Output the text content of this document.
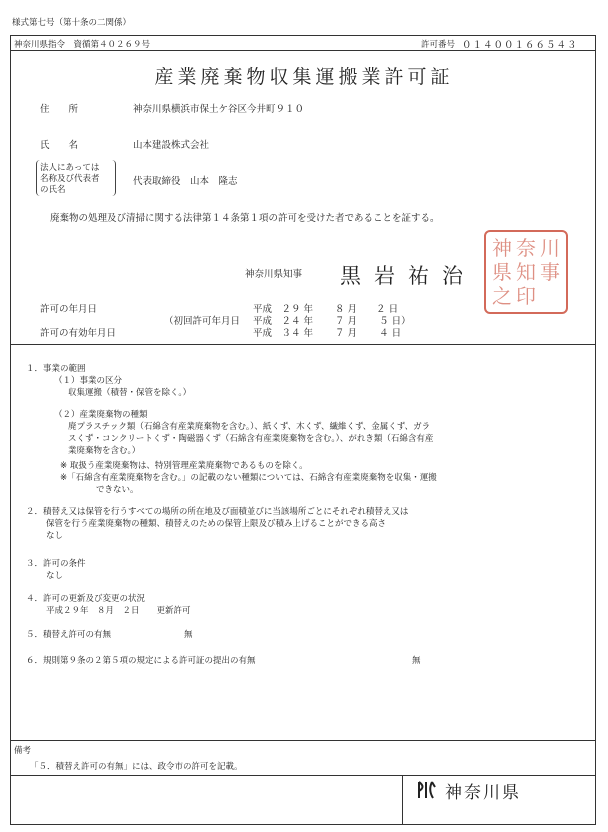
様式第七号（第十条の二関係）
神奈川県指令　資循第４０２６９号	許可番号 ０１４００１６６５４３
産業廃棄物収集運搬業許可証
住　　所	神奈川県横浜市保土ケ谷区今井町９１０
氏　　名	山本建設株式会社
法人にあっては
名称及び代表者
の氏名
代表取締役　山本　隆志
廃棄物の処理及び清掃に関する法律第１４条第１項の許可を受けた者であることを証する。
神奈川県知事 黒岩祐治
神 奈 川
県 知 事
之 印
許可の年月日	平成　２９ 年　　 ８ 月　　２ 日
（初回許可年月日 平成　２４ 年　　 ７ 月　　 ５ 日）
許可の有効年月日	平成　３４ 年　　 ７ 月　　 ４ 日
１．事業の範囲
（１）事業の区分
収集運搬（積替・保管を除く。）
（２）産業廃棄物の種類
廃プラスチック類（石綿含有産業廃棄物を含む。）、紙くず、木くず、繊維くず、金属くず、ガラ
スくず・コンクリートくず・陶磁器くず（石綿含有産業廃棄物を含む。）、がれき類（石綿含有産
業廃棄物を含む。）
※ 取扱う産業廃棄物は、特別管理産業廃棄物であるものを除く。
※「石綿含有産業廃棄物を含む。」の記載のない種類については、石綿含有産業廃棄物を収集・運搬
できない。
２．積替え又は保管を行うすべての場所の所在地及び面積並びに当該場所ごとにそれぞれ積替え又は
保管を行う産業廃棄物の種類、積替えのための保管上限及び積み上げることができる高さ
なし
３．許可の条件
なし
４．許可の更新及び変更の状況
平成２９年　８月　２日　　更新許可
５．積替え許可の有無	無
６．規則第９条の２第５項の規定による許可証の提出の有無	無
備考
「５．積替え許可の有無」には、政令市の許可を記載。
神奈川県
